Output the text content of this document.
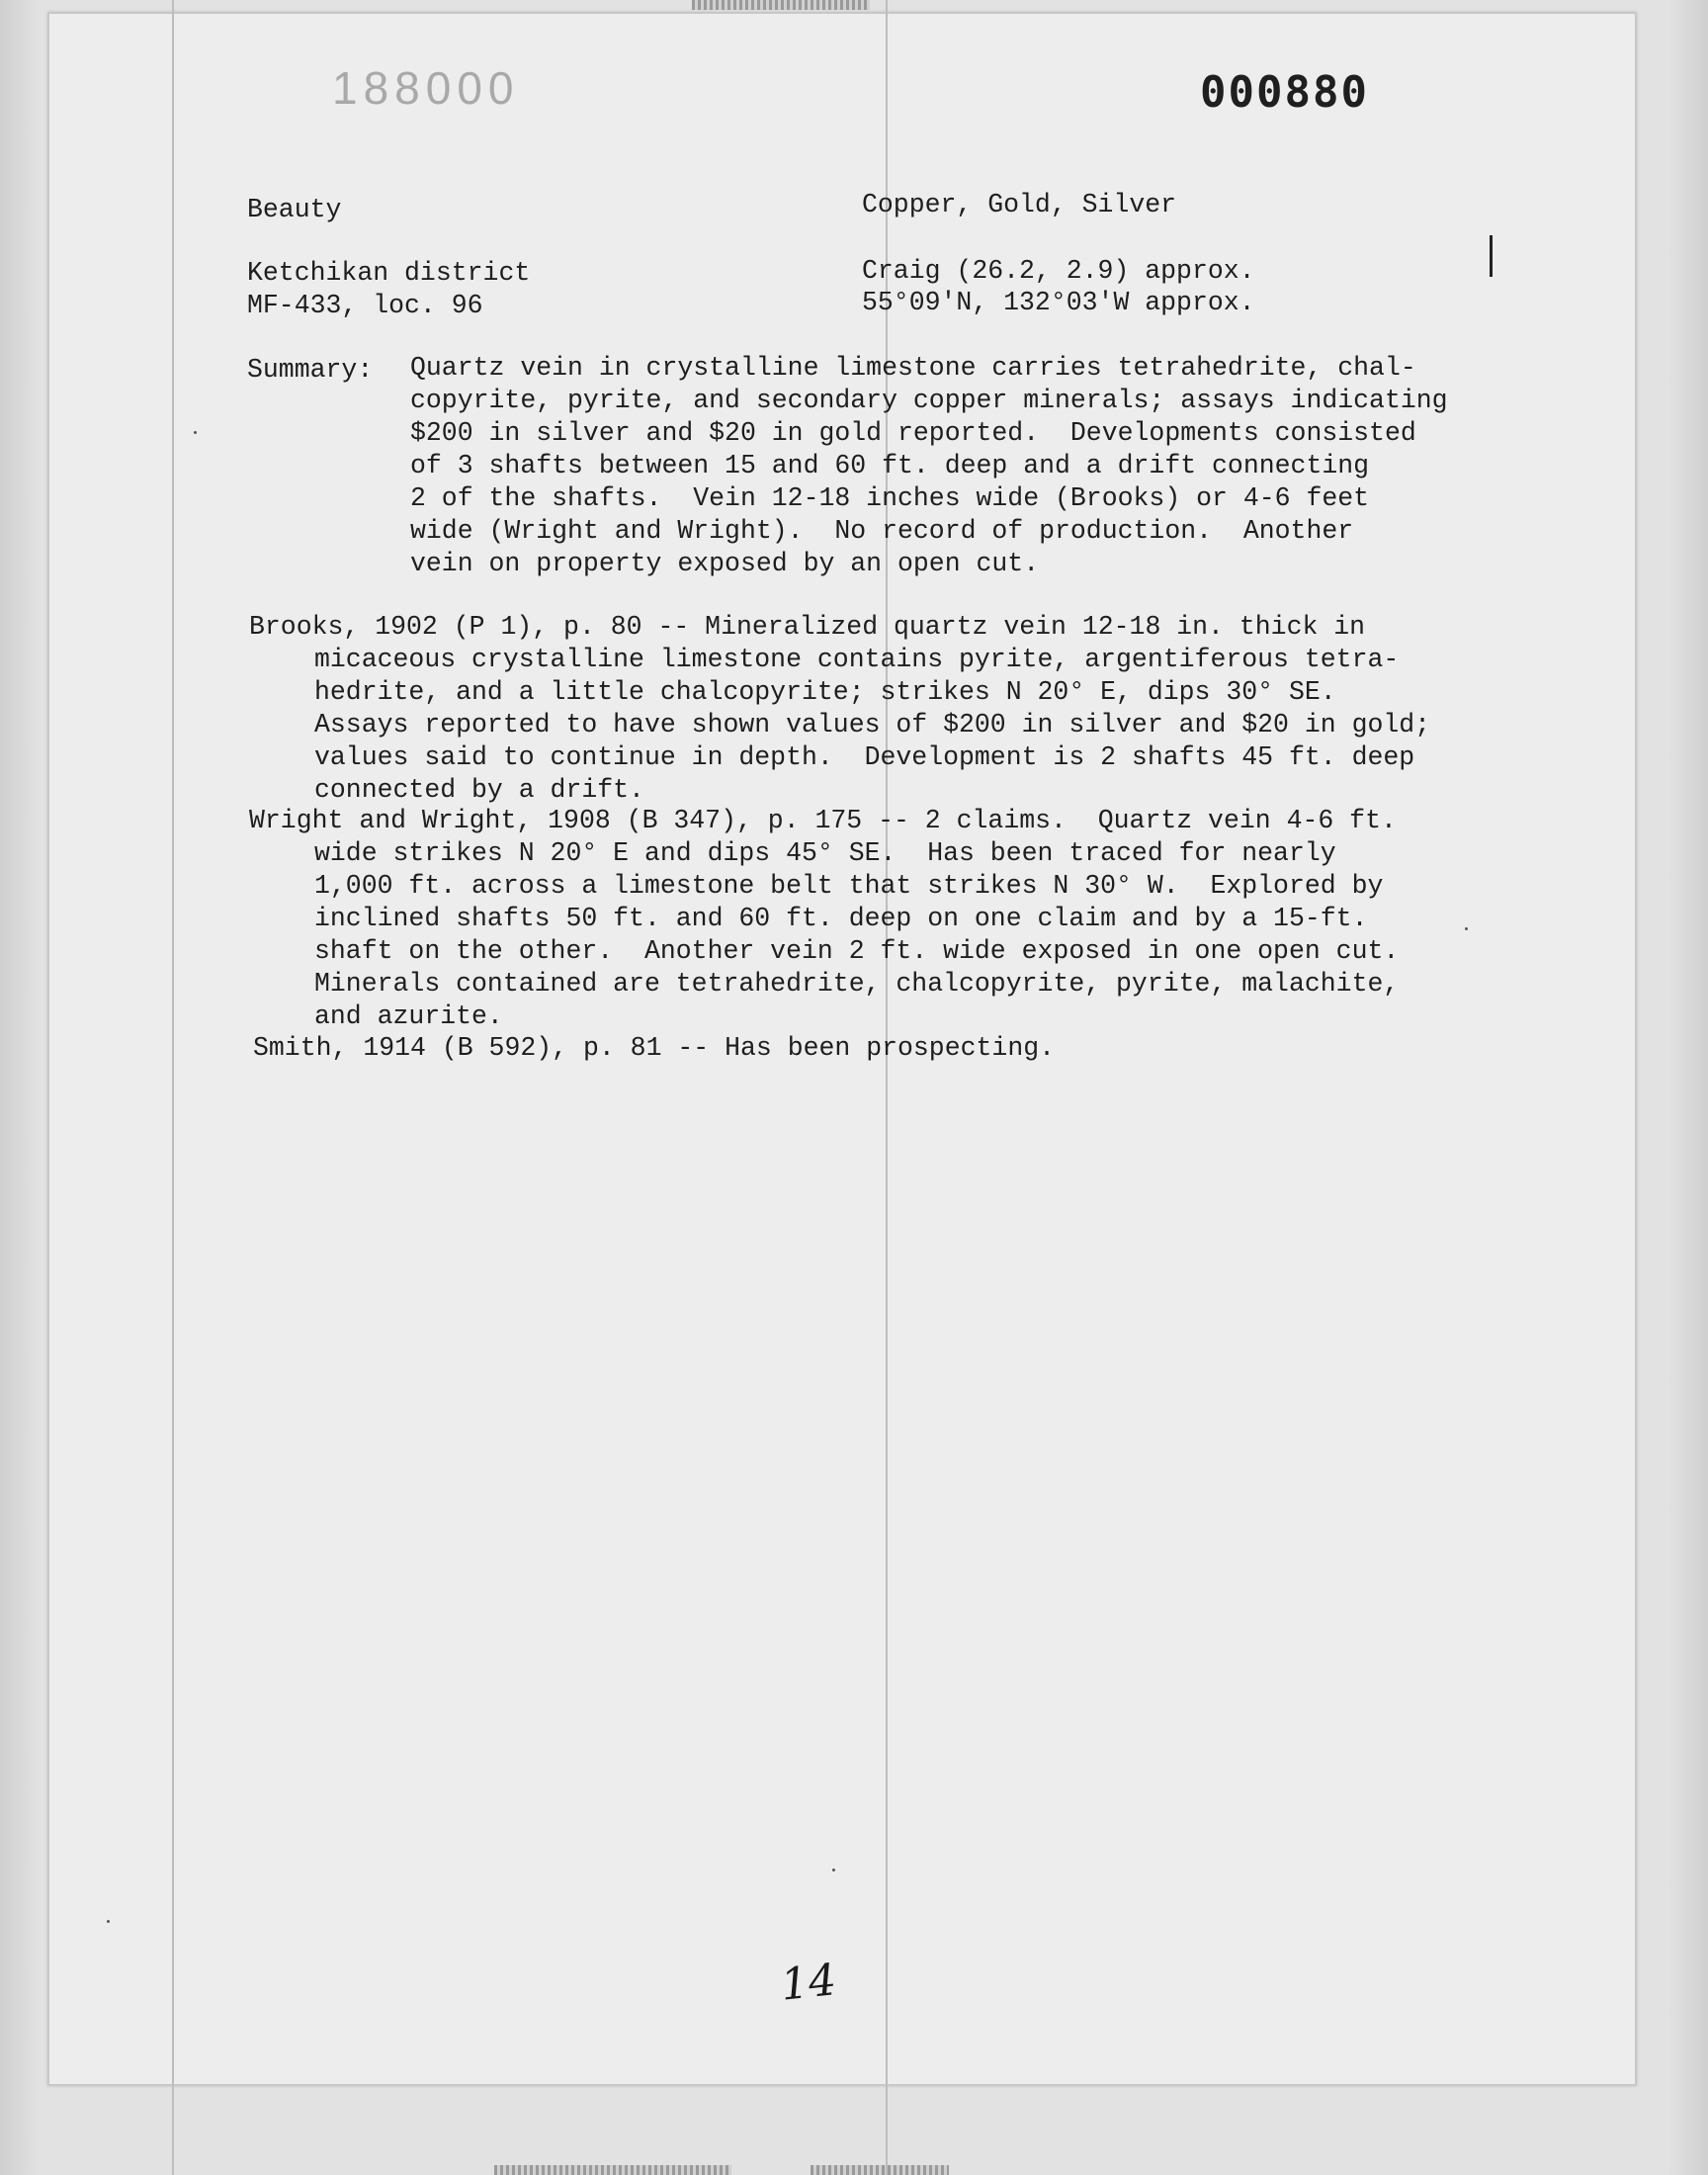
188000	000880
Beauty	Copper, Gold, Silver
Ketchikan district	Craig (26.2, 2.9) approx.
MF-433, loc. 96	55°09'N, 132°03'W approx.
Summary: Quartz vein in crystalline limestone carries tetrahedrite, chal-
copyrite, pyrite, and secondary copper minerals; assays indicating
$200 in silver and $20 in gold reported.  Developments consisted
of 3 shafts between 15 and 60 ft. deep and a drift connecting
2 of the shafts.  Vein 12-18 inches wide (Brooks) or 4-6 feet
wide (Wright and Wright).  No record of production.  Another
vein on property exposed by an open cut.
Brooks, 1902 (P 1), p. 80 -- Mineralized quartz vein 12-18 in. thick in
micaceous crystalline limestone contains pyrite, argentiferous tetra-
hedrite, and a little chalcopyrite; strikes N 20° E, dips 30° SE.
Assays reported to have shown values of $200 in silver and $20 in gold;
values said to continue in depth.  Development is 2 shafts 45 ft. deep
connected by a drift.
Wright and Wright, 1908 (B 347), p. 175 -- 2 claims.  Quartz vein 4-6 ft.
wide strikes N 20° E and dips 45° SE.  Has been traced for nearly
1,000 ft. across a limestone belt that strikes N 30° W.  Explored by
inclined shafts 50 ft. and 60 ft. deep on one claim and by a 15-ft.
shaft on the other.  Another vein 2 ft. wide exposed in one open cut.
Minerals contained are tetrahedrite, chalcopyrite, pyrite, malachite,
and azurite.
Smith, 1914 (B 592), p. 81 -- Has been prospecting.
14
